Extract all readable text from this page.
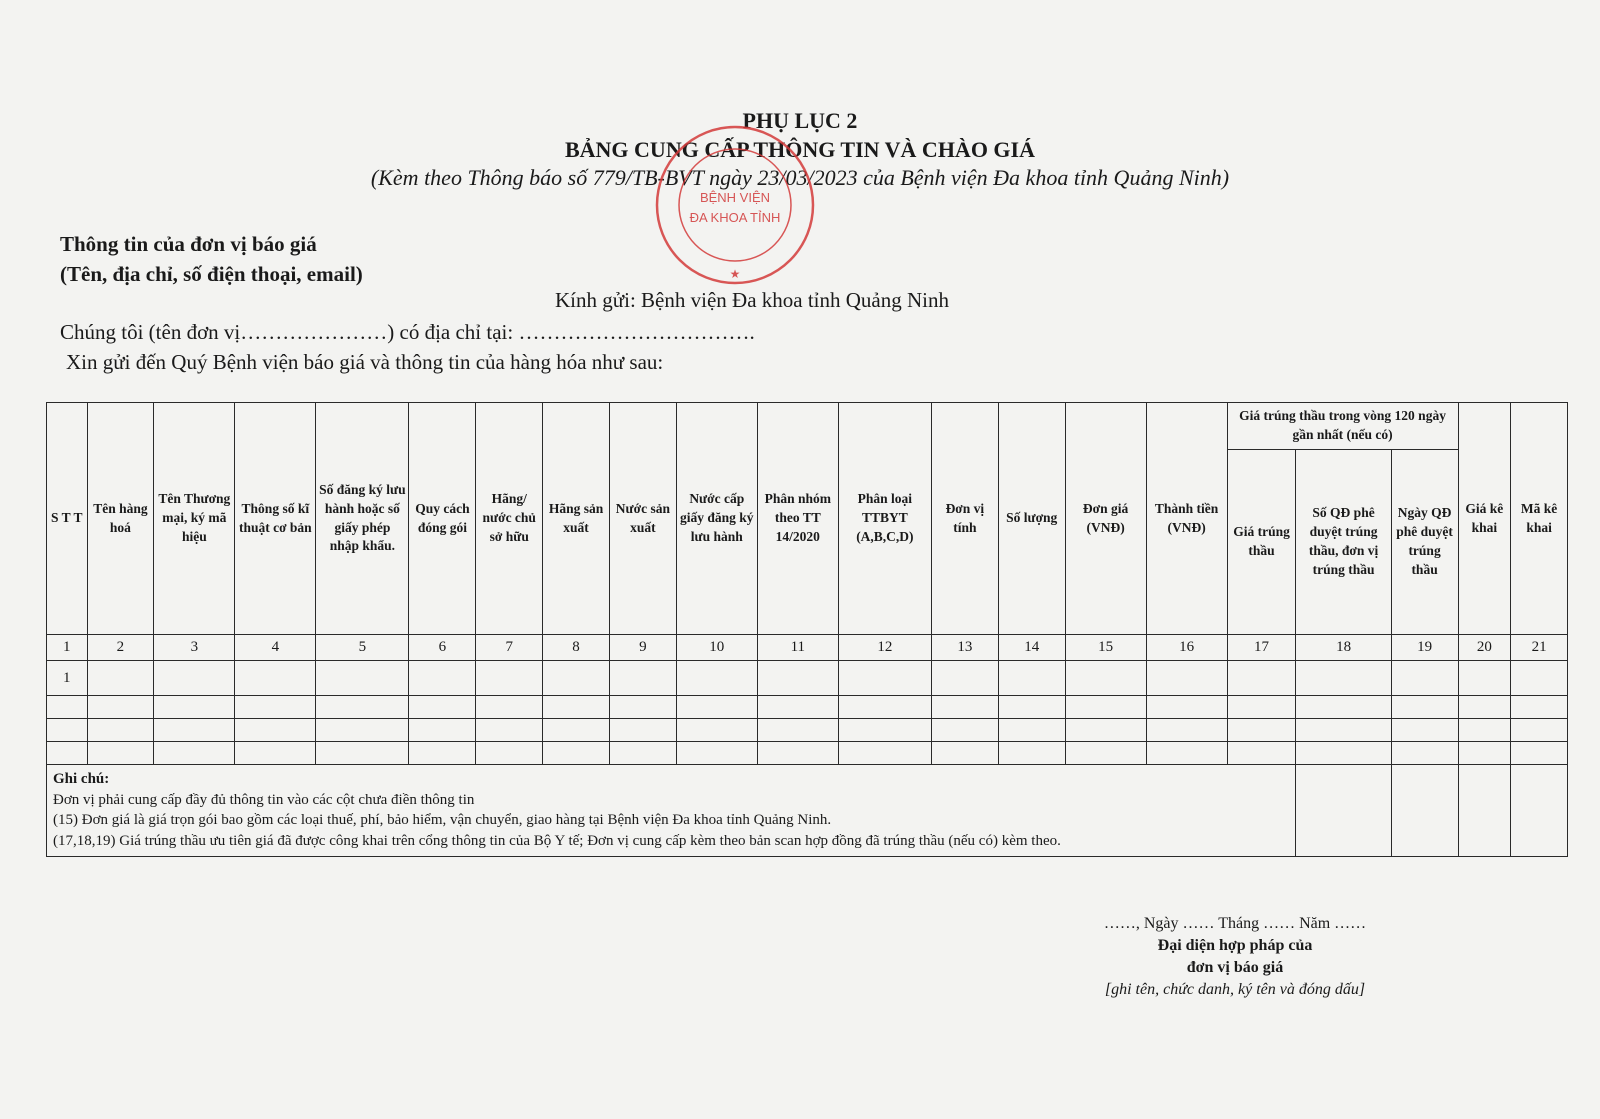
PHỤ LỤC 2
BẢNG CUNG CẤP THÔNG TIN VÀ CHÀO GIÁ
(Kèm theo Thông báo số 779/TB-BVT ngày 23/03/2023 của Bệnh viện Đa khoa tỉnh Quảng Ninh)
BỆNH VIỆN
ĐA KHOA TỈNH
★
Thông tin của đơn vị báo giá
(Tên, địa chỉ, số điện thoại, email)
Kính gửi: Bệnh viện Đa khoa tỉnh Quảng Ninh
Chúng tôi (tên đơn vị…………………) có địa chỉ tại: …………………………….
Xin gửi đến Quý Bệnh viện báo giá và thông tin của hàng hóa như sau:
S T T	Tên hàng hoá	Tên Thương mại, ký mã hiệu	Thông số kĩ thuật cơ bản	Số đăng ký lưu hành hoặc số giấy phép nhập khẩu.	Quy cách đóng gói	Hãng/ nước chủ sở hữu	Hãng sản xuất	Nước sản xuất	Nước cấp giấy đăng ký lưu hành	Phân nhóm theo TT 14/2020	Phân loại TTBYT (A,B,C,D)	Đơn vị tính	Số lượng	Đơn giá (VNĐ)	Thành tiền (VNĐ)	Giá trúng thầu trong vòng 120 ngày gần nhất (nếu có)			Giá kê khai	Mã kê khai
																Giá trúng thầu	Số QĐ phê duyệt trúng thầu, đơn vị trúng thầu	Ngày QĐ phê duyệt trúng thầu		
1	2	3	4	5	6	7	8	9	10	11	12	13	14	15	16	17	18	19	20	21
1																				

Ghi chú:
Đơn vị phải cung cấp đầy đủ thông tin vào các cột chưa điền thông tin
(15) Đơn giá là giá trọn gói bao gồm các loại thuế, phí, bảo hiểm, vận chuyển, giao hàng tại Bệnh viện Đa khoa tỉnh Quảng Ninh.
(17,18,19) Giá trúng thầu ưu tiên giá đã được công khai trên cổng thông tin của Bộ Y tế; Đơn vị cung cấp kèm theo bản scan hợp đồng đã trúng thầu (nếu có) kèm theo.																				

……, Ngày …… Tháng …… Năm ……
Đại diện hợp pháp của
đơn vị báo giá
[ghi tên, chức danh, ký tên và đóng dấu]
